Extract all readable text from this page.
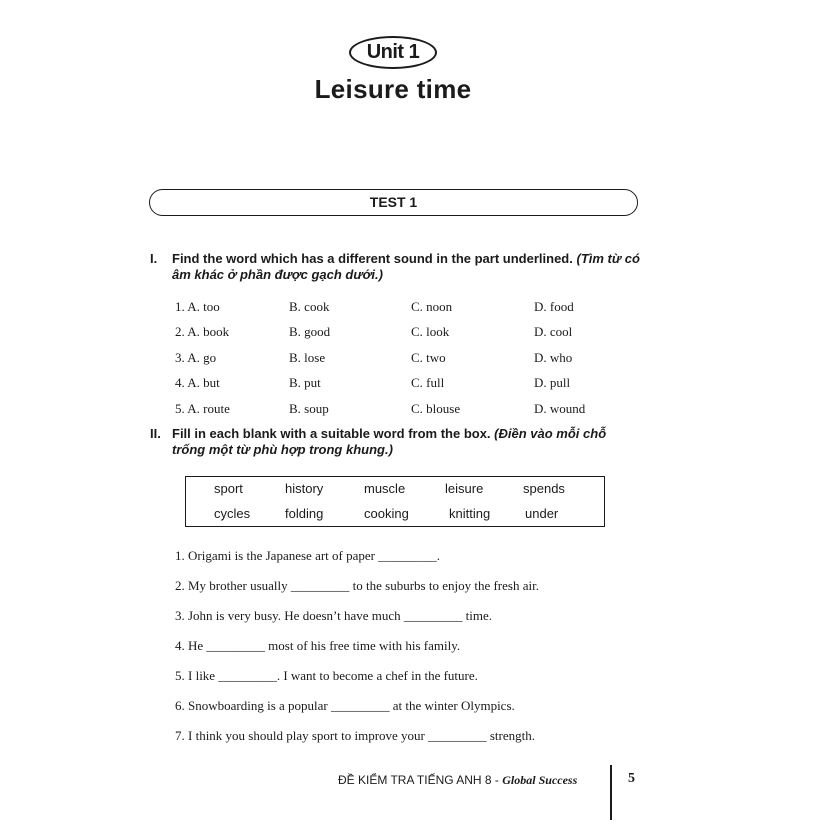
Unit 1
Leisure time
TEST 1
I. Find the word which has a different sound in the part underlined. (Tìm từ có âm khác ở phần được gạch dưới.)
1. A. too	B. cook	C. noon	D. food
2. A. book	B. good	C. look	D. cool
3. A. go	B. lose	C. two	D. who
4. A. but	B. put	C. full	D. pull
5. A. route	B. soup	C. blouse	D. wound
II. Fill in each blank with a suitable word from the box. (Điền vào mỗi chỗ trống một từ phù hợp trong khung.)
sport	history	muscle	leisure	spends
cycles	folding	cooking	knitting	under
1. Origami is the Japanese art of paper _________.
2. My brother usually _________ to the suburbs to enjoy the fresh air.
3. John is very busy. He doesn’t have much _________ time.
4. He _________ most of his free time with his family.
5. I like _________. I want to become a chef in the future.
6. Snowboarding is a popular _________ at the winter Olympics.
7. I think you should play sport to improve your _________ strength.
ĐỀ KIỂM TRA TIẾNG ANH 8 - Global Success	5
